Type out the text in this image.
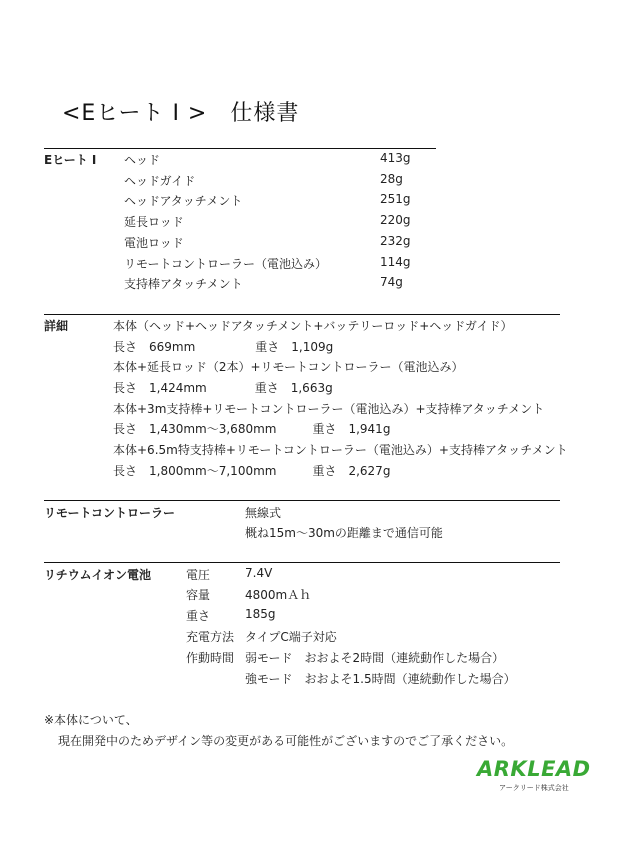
<Eヒート I >　仕様書
Eヒート I ヘッド	413g
ヘッドガイド	28g
ヘッドアタッチメント	251g
延長ロッド	220g
電池ロッド	232g
リモートコントローラー（電池込み）	114g
支持棒アタッチメント	74g
詳細	本体（ヘッド+ヘッドアタッチメント+バッテリーロッド+ヘッドガイド）
長さ　669mm　　　　　重さ　1,109g
本体+延長ロッド（2本）+リモートコントローラー（電池込み）
長さ　1,424mm　　　　重さ　1,663g
本体+3m支持棒+リモートコントローラー（電池込み）+支持棒アタッチメント
長さ　1,430mm～3,680mm　　　重さ　1,941g
本体+6.5m特支持棒+リモートコントローラー（電池込み）+支持棒アタッチメント
長さ　1,800mm～7,100mm　　　重さ　2,627g
リモートコントローラー	無線式
概ね15m～30mの距離まで通信可能
リチウムイオン電池	電圧	7.4V
容量	4800mＡｈ
重さ	185g
充電方法 タイプC端子対応
作動時間 弱モード　おおよそ2時間（連続動作した場合）
強モード　おおよそ1.5時間（連続動作した場合）
※本体について、
現在開発中のためデザイン等の変更がある可能性がございますのでご了承ください。
ARKLEAD
アークリード株式会社
